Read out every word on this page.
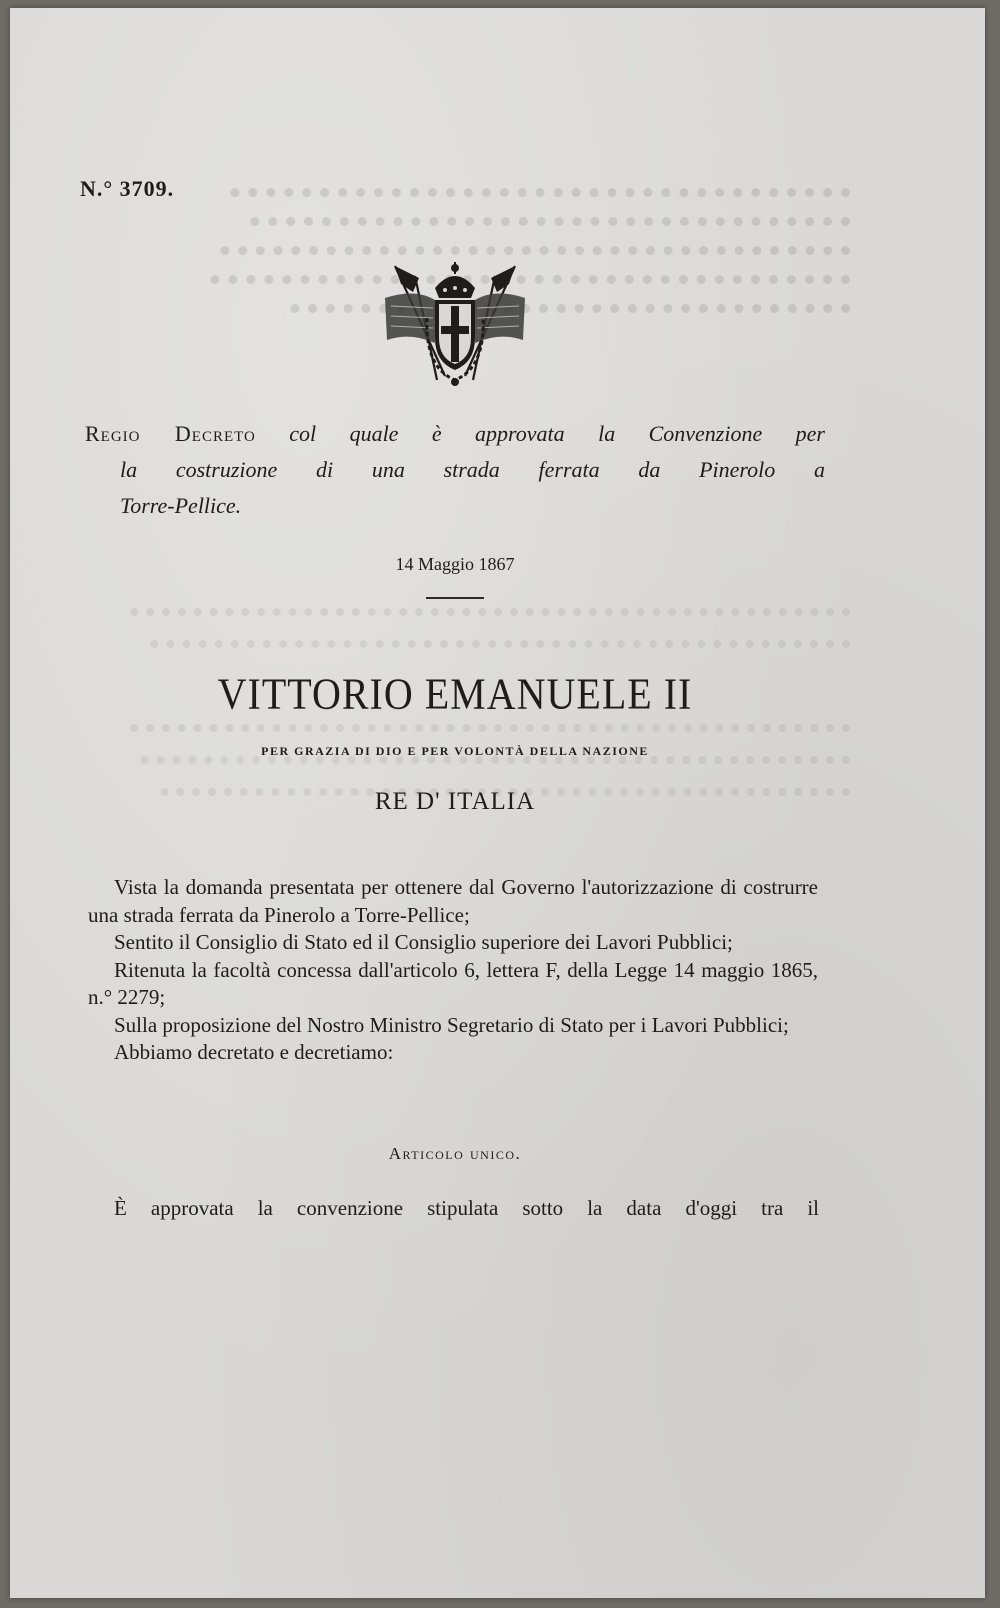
N.° 3709.
Regio Decreto col quale è approvata la Convenzione per
la costruzione di una strada ferrata da Pinerolo a
Torre-Pellice.
14 Maggio 1867
VITTORIO EMANUELE II
PER GRAZIA DI DIO E PER VOLONTÀ DELLA NAZIONE
RE D' ITALIA

Vista la domanda presentata per ottenere dal Governo l'autorizzazione di costrurre una strada ferrata da Pinerolo a Torre-Pellice;

Sentito il Consiglio di Stato ed il Consiglio superiore dei Lavori Pubblici;

Ritenuta la facoltà concessa dall'articolo 6, lettera F, della Legge 14 maggio 1865, n.° 2279;

Sulla proposizione del Nostro Ministro Segretario di Stato per i Lavori Pubblici;

Abbiamo decretato e decretiamo:

Articolo unico.
È approvata la convenzione stipulata sotto la data d'oggi tra il
